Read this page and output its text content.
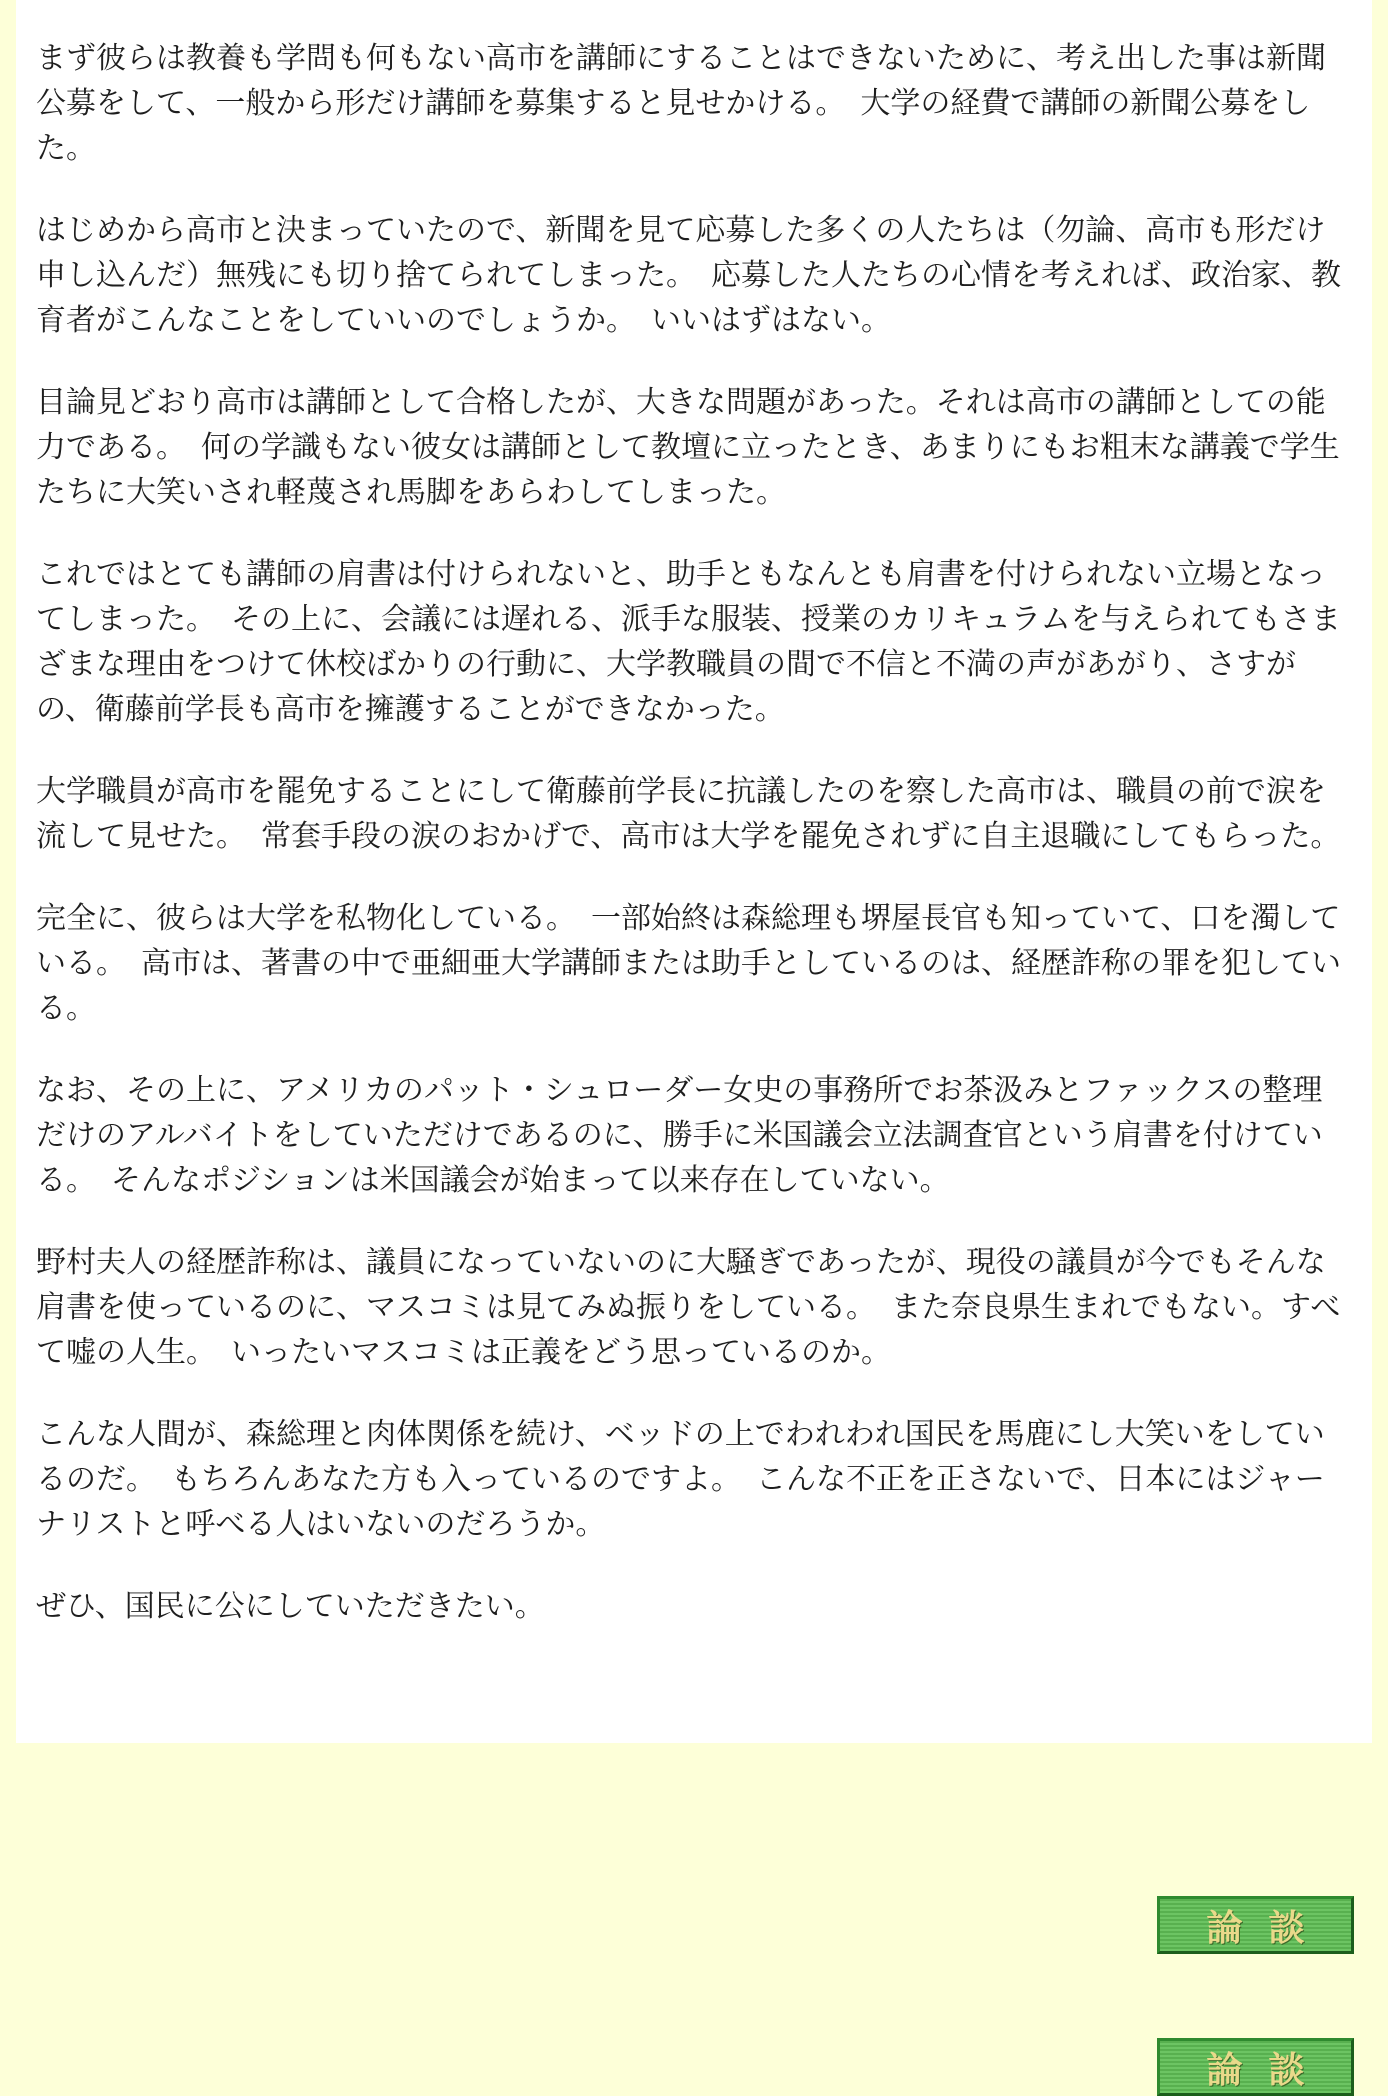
まず彼らは教養も学問も何もない高市を講師にすることはできないために、考え出した事は新聞公募をして、一般から形だけ講師を募集すると見せかける。　大学の経費で講師の新聞公募をした。

はじめから高市と決まっていたので、新聞を見て応募した多くの人たちは（勿論、高市も形だけ申し込んだ）無残にも切り捨てられてしまった。　応募した人たちの心情を考えれば、政治家、教育者がこんなことをしていいのでしょうか。　いいはずはない。

目論見どおり高市は講師として合格したが、大きな問題があった。それは高市の講師としての能力である。　何の学識もない彼女は講師として教壇に立ったとき、あまりにもお粗末な講義で学生たちに大笑いされ軽蔑され馬脚をあらわしてしまった。

これではとても講師の肩書は付けられないと、助手ともなんとも肩書を付けられない立場となってしまった。　その上に、会議には遅れる、派手な服装、授業のカリキュラムを与えられてもさまざまな理由をつけて休校ばかりの行動に、大学教職員の間で不信と不満の声があがり、さすがの、衛藤前学長も高市を擁護することができなかった。

大学職員が高市を罷免することにして衛藤前学長に抗議したのを察した高市は、職員の前で涙を流して見せた。　常套手段の涙のおかげで、高市は大学を罷免されずに自主退職にしてもらった。

完全に、彼らは大学を私物化している。　一部始終は森総理も堺屋長官も知っていて、口を濁している。　高市は、著書の中で亜細亜大学講師または助手としているのは、経歴詐称の罪を犯している。

なお、その上に、アメリカのパット・シュローダー女史の事務所でお茶汲みとファックスの整理だけのアルバイトをしていただけであるのに、勝手に米国議会立法調査官という肩書を付けている。　そんなポジションは米国議会が始まって以来存在していない。

野村夫人の経歴詐称は、議員になっていないのに大騒ぎであったが、現役の議員が今でもそんな肩書を使っているのに、マスコミは見てみぬ振りをしている。　また奈良県生まれでもない。すべて嘘の人生。　いったいマスコミは正義をどう思っているのか。

こんな人間が、森総理と肉体関係を続け、ベッドの上でわれわれ国民を馬鹿にし大笑いをしているのだ。　もちろんあなた方も入っているのですよ。　こんな不正を正さないで、日本にはジャーナリストと呼べる人はいないのだろうか。

ぜひ、国民に公にしていただきたい。

論談
論談
